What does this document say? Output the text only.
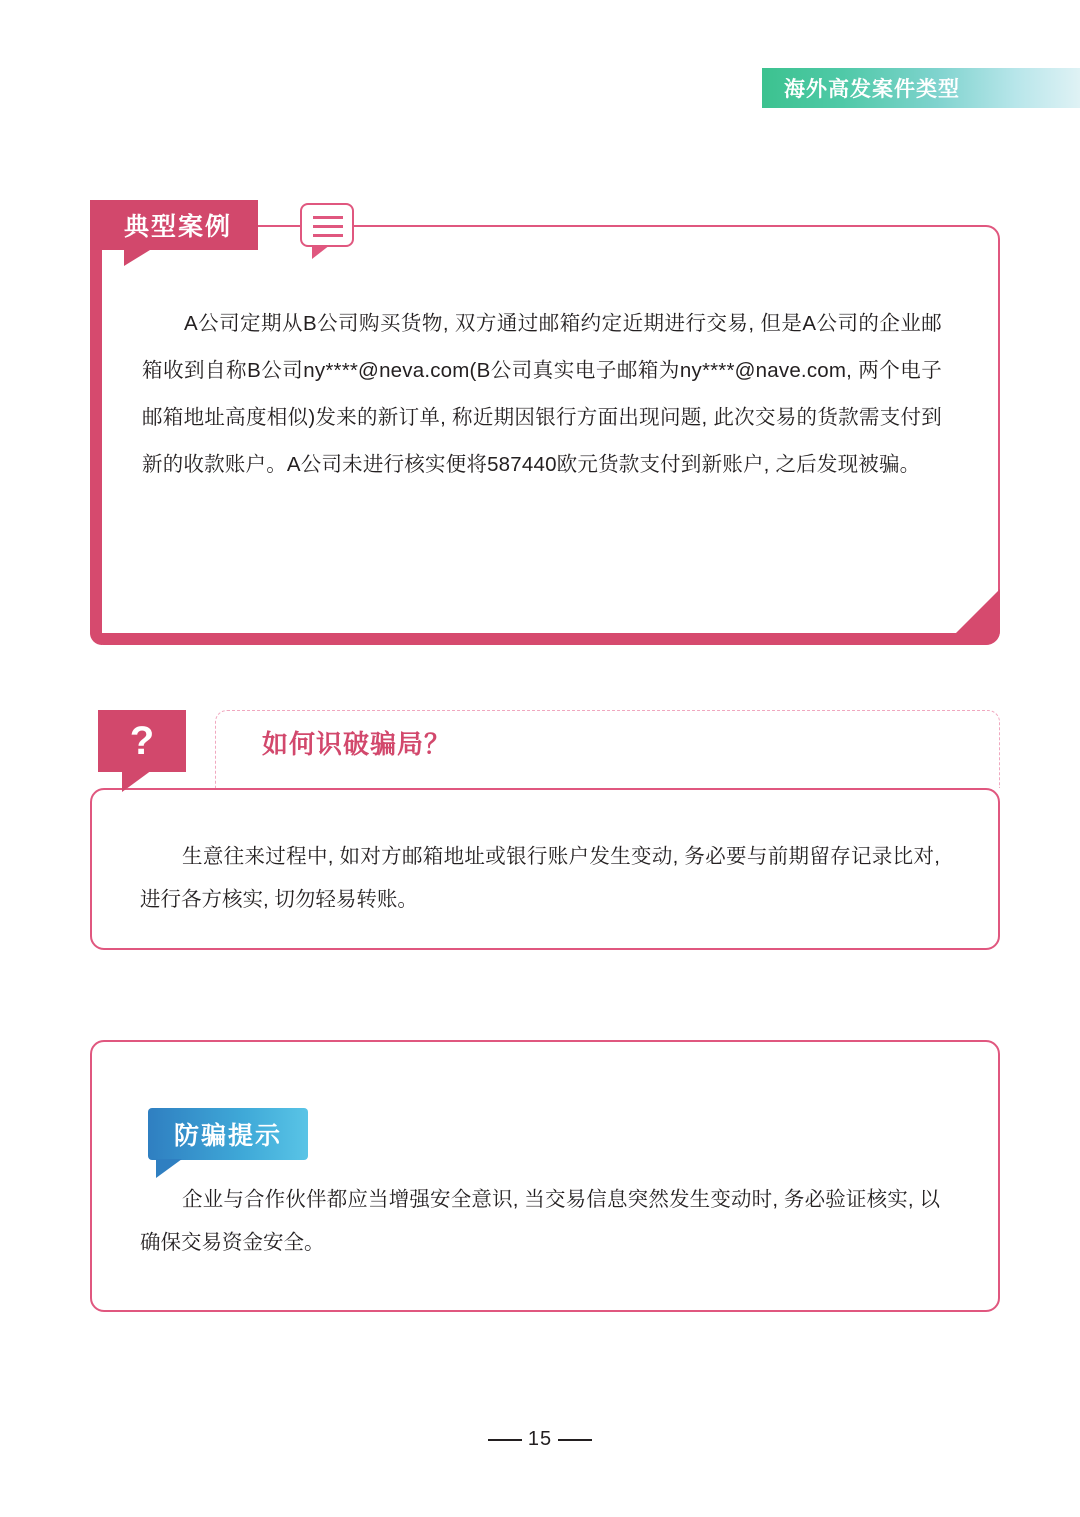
海外高发案件类型
典型案例
A公司定期从B公司购买货物, 双方通过邮箱约定近期进行交易, 但是A公司的企业邮箱收到自称B公司ny****@neva.com(B公司真实电子邮箱为ny****@nave.com, 两个电子邮箱地址高度相似)发来的新订单, 称近期因银行方面出现问题, 此次交易的货款需支付到新的收款账户。A公司未进行核实便将587440欧元货款支付到新账户, 之后发现被骗。
?	如何识破骗局？
生意往来过程中, 如对方邮箱地址或银行账户发生变动, 务必要与前期留存记录比对, 进行各方核实, 切勿轻易转账。
防骗提示
企业与合作伙伴都应当增强安全意识, 当交易信息突然发生变动时, 务必验证核实, 以确保交易资金安全。
15
